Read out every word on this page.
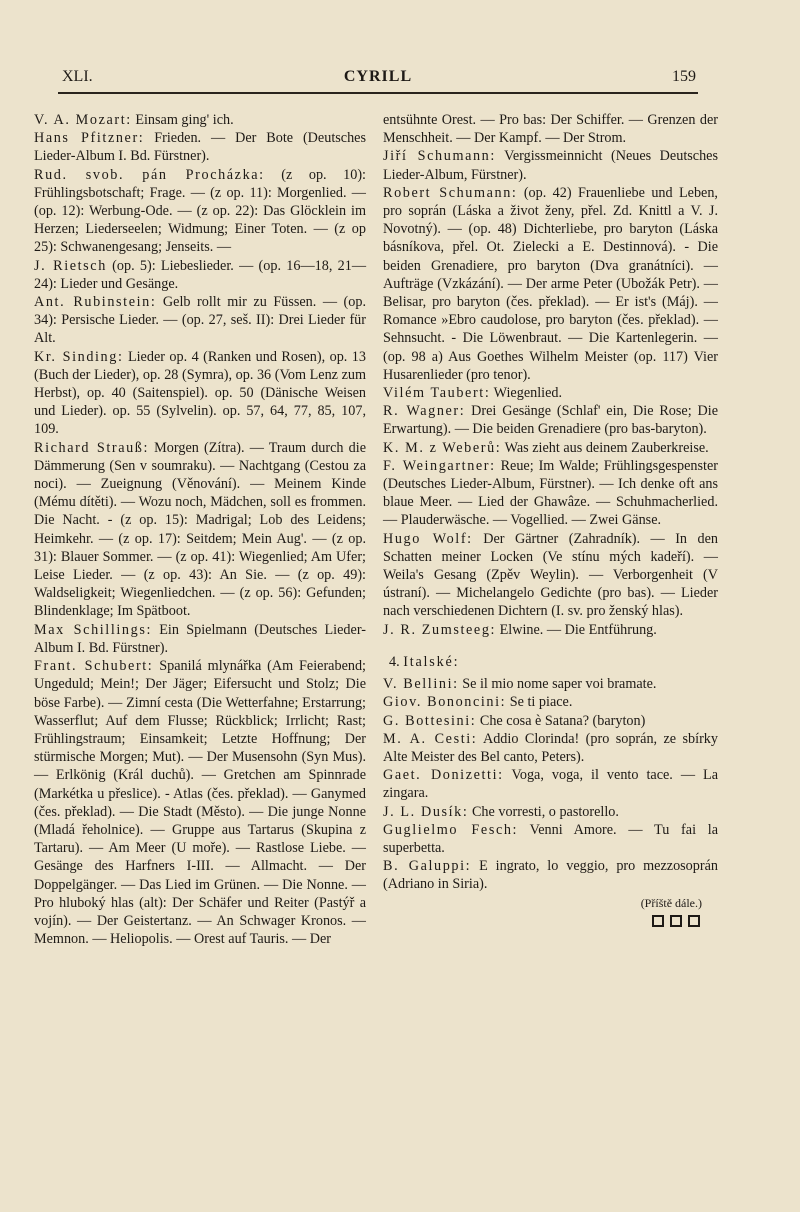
XLI.	CYRILL	159
V. A. Mozart: Einsam ging' ich.
Hans Pfitzner: Frieden. — Der Bote (Deutsches Lieder-Album I. Bd. Fürstner).
Rud. svob. pán Procházka: (z op. 10): Frühlingsbotschaft; Frage. — (z op. 11): Morgenlied. — (op. 12): Werbung-Ode. — (z op. 22): Das Glöcklein im Herzen; Liederseelen; Widmung; Einer Toten. — (z op 25): Schwanengesang; Jenseits. —
J. Rietsch (op. 5): Liebeslieder. — (op. 16—18, 21—24): Lieder und Gesänge.
Ant. Rubinstein: Gelb rollt mir zu Füssen. — (op. 34): Persische Lieder. — (op. 27, seš. II): Drei Lieder für Alt.
Kr. Sinding: Lieder op. 4 (Ranken und Rosen), op. 13 (Buch der Lieder), op. 28 (Symra), op. 36 (Vom Lenz zum Herbst), op. 40 (Saitenspiel). op. 50 (Dänische Weisen und Lieder). op. 55 (Sylvelin). op. 57, 64, 77, 85, 107, 109.
Richard Strauß: Morgen (Zítra). — Traum durch die Dämmerung (Sen v soumraku). — Nachtgang (Cestou za noci). — Zueignung (Věnování). — Meinem Kinde (Mému dítěti). — Wozu noch, Mädchen, soll es frommen. Die Nacht. - (z op. 15): Madrigal; Lob des Leidens; Heimkehr. — (z op. 17): Seitdem; Mein Aug'. — (z op. 31): Blauer Sommer. — (z op. 41): Wiegenlied; Am Ufer; Leise Lieder. — (z op. 43): An Sie. — (z op. 49): Waldseligkeit; Wiegenliedchen. — (z op. 56): Gefunden; Blindenklage; Im Spätboot.
Max Schillings: Ein Spielmann (Deutsches Lieder-Album I. Bd. Fürstner).
Frant. Schubert: Spanilá mlynářka (Am Feierabend; Ungeduld; Mein!; Der Jäger; Eifersucht und Stolz; Die böse Farbe). — Zimní cesta (Die Wetterfahne; Erstarrung; Wasserflut; Auf dem Flusse; Rückblick; Irrlicht; Rast; Frühlingstraum; Einsamkeit; Letzte Hoffnung; Der stürmische Morgen; Mut). — Der Musensohn (Syn Mus). — Erlkönig (Král duchů). — Gretchen am Spinnrade (Markétka u přeslice). - Atlas (čes. překlad). — Ganymed (čes. překlad). — Die Stadt (Město). — Die junge Nonne (Mladá řeholnice). — Gruppe aus Tartarus (Skupina z Tartaru). — Am Meer (U moře). — Rastlose Liebe. — Gesänge des Harfners I-III. — Allmacht. — Der Doppelgänger. — Das Lied im Grünen. — Die Nonne. — Pro hluboký hlas (alt): Der Schäfer und Reiter (Pastýř a vojín). — Der Geistertanz. — An Schwager Kronos. — Memnon. — Heliopolis. — Orest auf Tauris. — Der
entsühnte Orest. — Pro bas: Der Schiffer. — Grenzen der Menschheit. — Der Kampf. — Der Strom.
Jiří Schumann: Vergissmeinnicht (Neues Deutsches Lieder-Album, Fürstner).
Robert Schumann: (op. 42) Frauenliebe und Leben, pro soprán (Láska a život ženy, přel. Zd. Knittl a V. J. Novotný). — (op. 48) Dichterliebe, pro baryton (Láska básníkova, přel. Ot. Zielecki a E. Destinnová). - Die beiden Grenadiere, pro baryton (Dva granátníci). — Aufträge (Vzkázání). — Der arme Peter (Ubožák Petr). — Belisar, pro baryton (čes. překlad). — Er ist's (Máj). — Romance »Ebro caudolose, pro baryton (čes. překlad). — Sehnsucht. - Die Löwenbraut. — Die Kartenlegerin. — (op. 98 a) Aus Goethes Wilhelm Meister (op. 117) Vier Husarenlieder (pro tenor).
Vilém Taubert: Wiegenlied.
R. Wagner: Drei Gesänge (Schlaf' ein, Die Rose; Die Erwartung). — Die beiden Grenadiere (pro bas-baryton).
K. M. z Weberů: Was zieht aus deinem Zauberkreise.
F. Weingartner: Reue; Im Walde; Frühlingsgespenster (Deutsches Lieder-Album, Fürstner). — Ich denke oft ans blaue Meer. — Lied der Ghawâze. — Schuhmacherlied. — Plauderwäsche. — Vogellied. — Zwei Gänse.
Hugo Wolf: Der Gärtner (Zahradník). — In den Schatten meiner Locken (Ve stínu mých kadeří). — Weila's Gesang (Zpěv Weylin). — Verborgenheit (V ústraní). — Michelangelo Gedichte (pro bas). — Lieder nach verschiedenen Dichtern (I. sv. pro ženský hlas).
J. R. Zumsteeg: Elwine. — Die Entführung.
4. Italské:
V. Bellini: Se il mio nome saper voi bramate.
Giov. Bononcini: Se ti piace.
G. Bottesini: Che cosa è Satana? (baryton)
M. A. Cesti: Addio Clorinda! (pro soprán, ze sbírky Alte Meister des Bel canto, Peters).
Gaet. Donizetti: Voga, voga, il vento tace. — La zingara.
J. L. Dusík: Che vorresti, o pastorello.
Guglielmo Fesch: Venni Amore. — Tu fai la superbetta.
B. Galuppi: E ingrato, lo veggio, pro mezzosoprán (Adriano in Siria).
(Příště dále.)
